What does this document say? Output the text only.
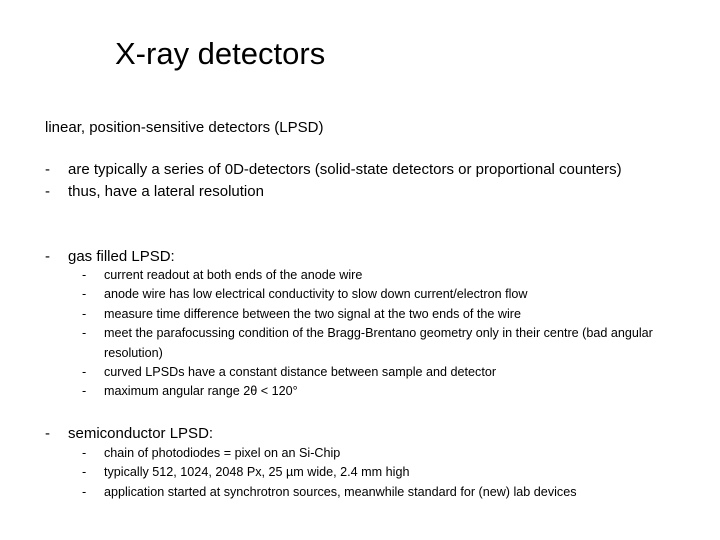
X-ray detectors
linear, position-sensitive detectors (LPSD)
- are typically a series of 0D-detectors (solid-state detectors or proportional counters)
- thus, have a lateral resolution
- gas filled LPSD:
- current readout at both ends of the anode wire
- anode wire has low electrical conductivity to slow down current/electron flow
- measure time difference between the two signal at the two ends of the wire
- meet the parafocussing condition of the Bragg-Brentano geometry only in their centre (bad angular resolution)
- curved LPSDs have a constant distance between sample and detector
- maximum angular range 2θ < 120°
- semiconductor LPSD:
- chain of photodiodes = pixel on an Si-Chip
- typically 512, 1024, 2048 Px, 25 µm wide, 2.4 mm high
- application started at synchrotron sources, meanwhile standard for (new) lab devices
